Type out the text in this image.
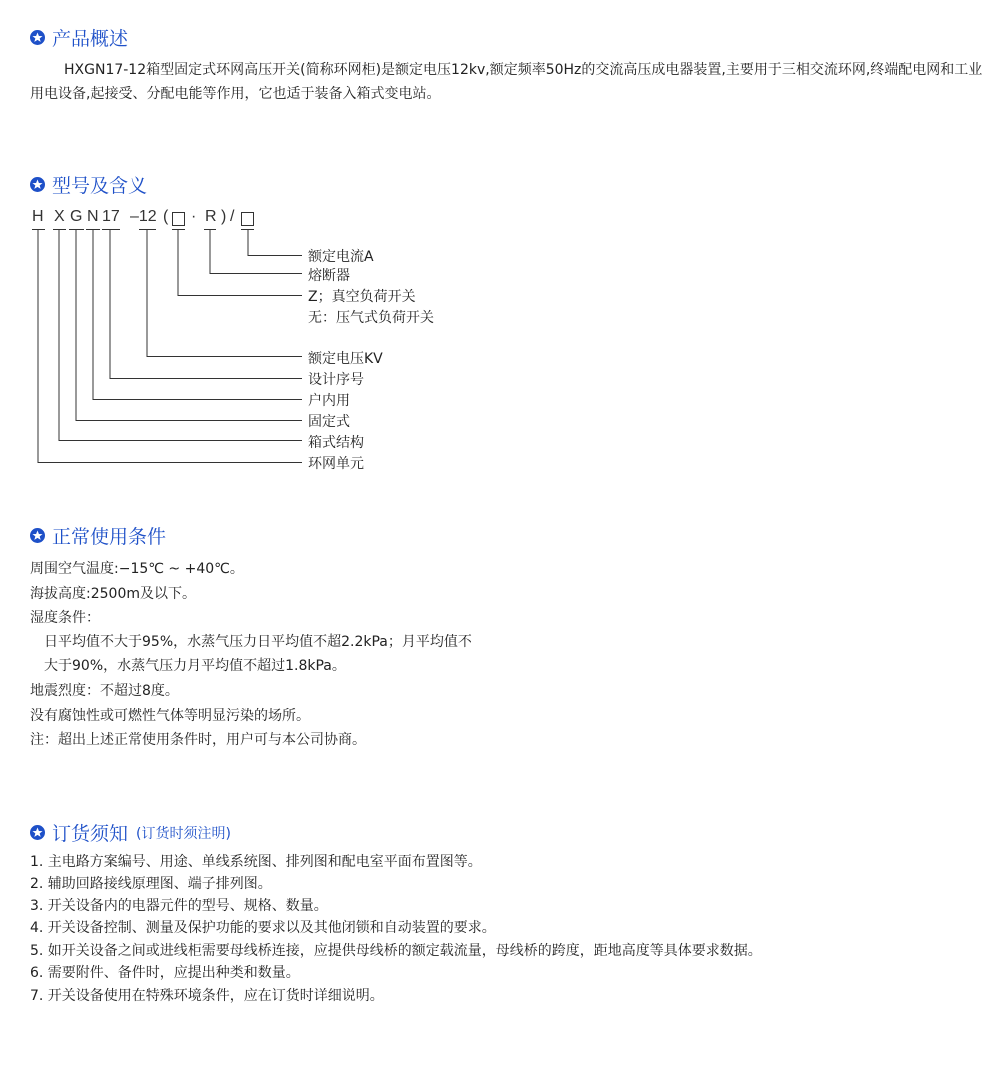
产品概述
HXGN17-12箱型固定式环网高压开关(简称环网柜)是额定电压12kv,额定频率50Hz的交流高压成电器装置,主要用于三相交流环网,终端配电网和工业用电设备,起接受、分配电能等作用，它也适于装备入箱式变电站。
型号及含义
H X G N 17 –12 ( · R ) /
额定电流A
熔断器
Z；真空负荷开关
无：压气式负荷开关
额定电压KV
设计序号
户内用
固定式
箱式结构
环网单元
正常使用条件
周围空气温度:−15℃ ~ +40℃。
海拔高度:2500m及以下。
湿度条件：
日平均值不大于95%，水蒸气压力日平均值不超2.2kPa；月平均值不
大于90%，水蒸气压力月平均值不超过1.8kPa。
地震烈度：不超过8度。
没有腐蚀性或可燃性气体等明显污染的场所。
注：超出上述正常使用条件时，用户可与本公司协商。
订货须知 (订货时须注明)
1. 主电路方案编号、用途、单线系统图、排列图和配电室平面布置图等。
2. 辅助回路接线原理图、端子排列图。
3. 开关设备内的电器元件的型号、规格、数量。
4. 开关设备控制、测量及保护功能的要求以及其他闭锁和自动装置的要求。
5. 如开关设备之间或进线柜需要母线桥连接，应提供母线桥的额定载流量，母线桥的跨度，距地高度等具体要求数据。
6. 需要附件、备件时，应提出种类和数量。
7. 开关设备使用在特殊环境条件，应在订货时详细说明。
